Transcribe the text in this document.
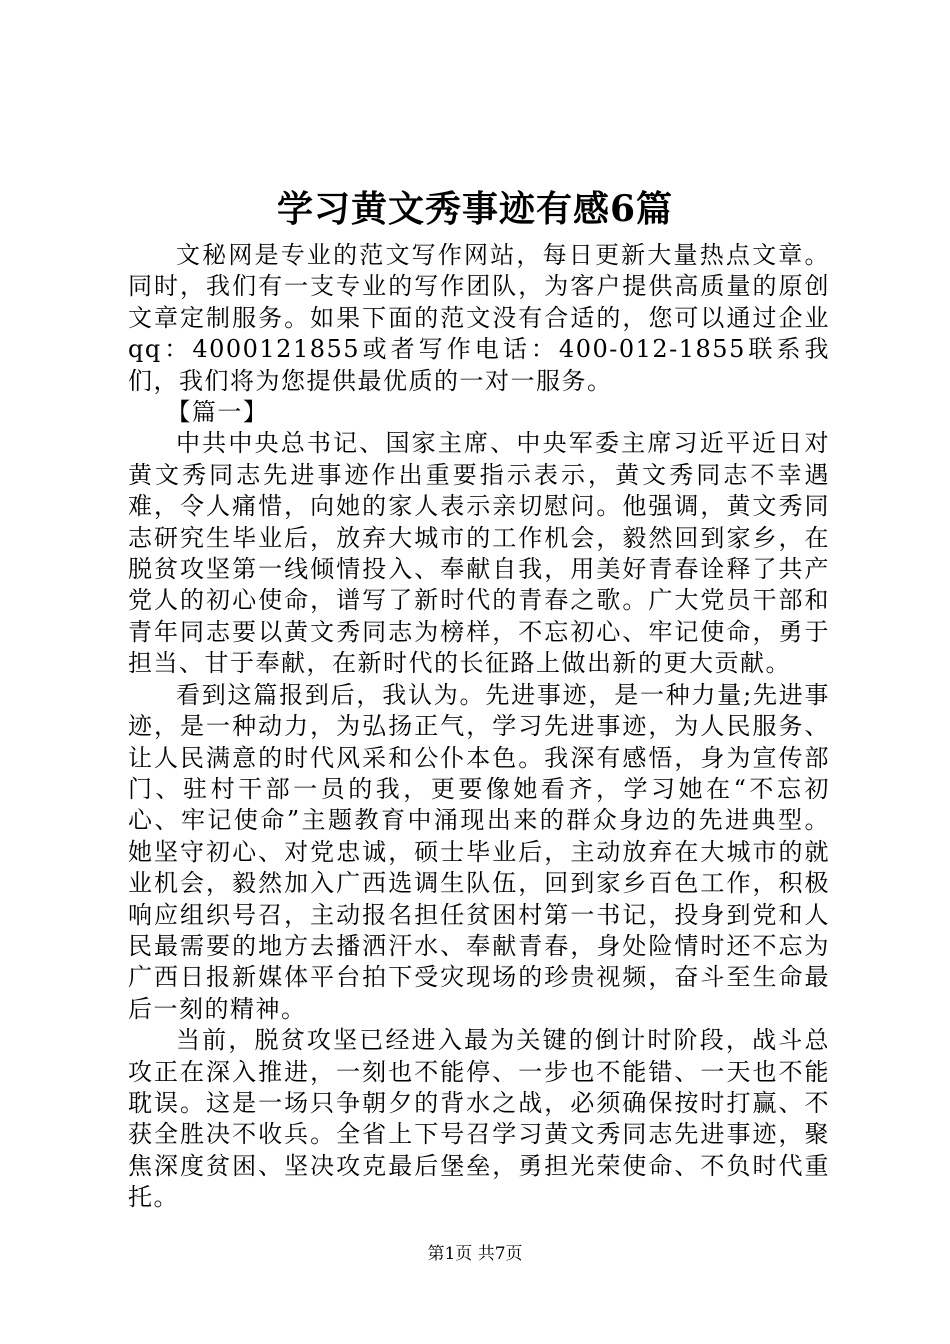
学习黄文秀事迹有感6篇

文秘网是专业的范文写作网站，每日更新大量热点文章。同时，我们有一支专业的写作团队，为客户提供高质量的原创文章定制服务。如果下面的范文没有合适的，您可以通过企业qq：4000121855或者写作电话：400-012-1855联系我们，我们将为您提供最优质的一对一服务。

【篇一】

中共中央总书记、国家主席、中央军委主席习近平近日对黄文秀同志先进事迹作出重要指示表示，黄文秀同志不幸遇难，令人痛惜，向她的家人表示亲切慰问。他强调，黄文秀同志研究生毕业后，放弃大城市的工作机会，毅然回到家乡，在脱贫攻坚第一线倾情投入、奉献自我，用美好青春诠释了共产党人的初心使命，谱写了新时代的青春之歌。广大党员干部和青年同志要以黄文秀同志为榜样，不忘初心、牢记使命，勇于担当、甘于奉献，在新时代的长征路上做出新的更大贡献。

看到这篇报到后，我认为。先进事迹，是一种力量;先进事迹，是一种动力，为弘扬正气，学习先进事迹，为人民服务、让人民满意的时代风采和公仆本色。我深有感悟，身为宣传部门、驻村干部一员的我，更要像她看齐，学习她在“不忘初心、牢记使命”主题教育中涌现出来的群众身边的先进典型。她坚守初心、对党忠诚，硕士毕业后，主动放弃在大城市的就业机会，毅然加入广西选调生队伍，回到家乡百色工作，积极响应组织号召，主动报名担任贫困村第一书记，投身到党和人民最需要的地方去播洒汗水、奉献青春，身处险情时还不忘为广西日报新媒体平台拍下受灾现场的珍贵视频，奋斗至生命最后一刻的精神。

当前，脱贫攻坚已经进入最为关键的倒计时阶段，战斗总攻正在深入推进，一刻也不能停、一步也不能错、一天也不能耽误。这是一场只争朝夕的背水之战，必须确保按时打赢、不获全胜决不收兵。全省上下号召学习黄文秀同志先进事迹，聚焦深度贫困、坚决攻克最后堡垒，勇担光荣使命、不负时代重托。

第1页 共7页
